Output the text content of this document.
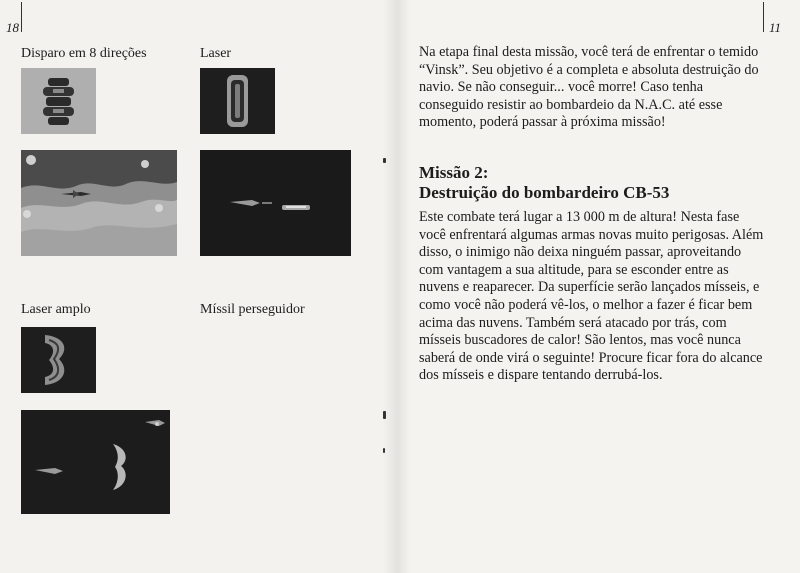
18	11
Disparo em 8 direções	Laser
Laser amplo	Míssil perseguidor

Na etapa final desta missão, você terá de enfrentar o temido “Vinsk”. Seu objetivo é a completa e absoluta destruição do navio. Se não conseguir... você morre! Caso tenha conseguido resistir ao bombardeio da N.A.C. até esse momento, poderá passar à próxima missão!

Missão 2:
Destruição do bombardeiro CB-53

Este combate terá lugar a 13 000 m de altura! Nesta fase você enfrentará algumas armas novas muito perigosas. Além disso, o inimigo não deixa ninguém passar, aproveitando com vantagem a sua altitude, para se esconder entre as nuvens e reaparecer. Da superfície serão lançados mísseis, e como você não poderá vê-los, o melhor a fazer é ficar bem acima das nuvens. Também será atacado por trás, com mísseis buscadores de calor! São lentos, mas você nunca saberá de onde virá o seguinte! Procure ficar fora do alcance dos mísseis e dispare tentando derrubá-los.
